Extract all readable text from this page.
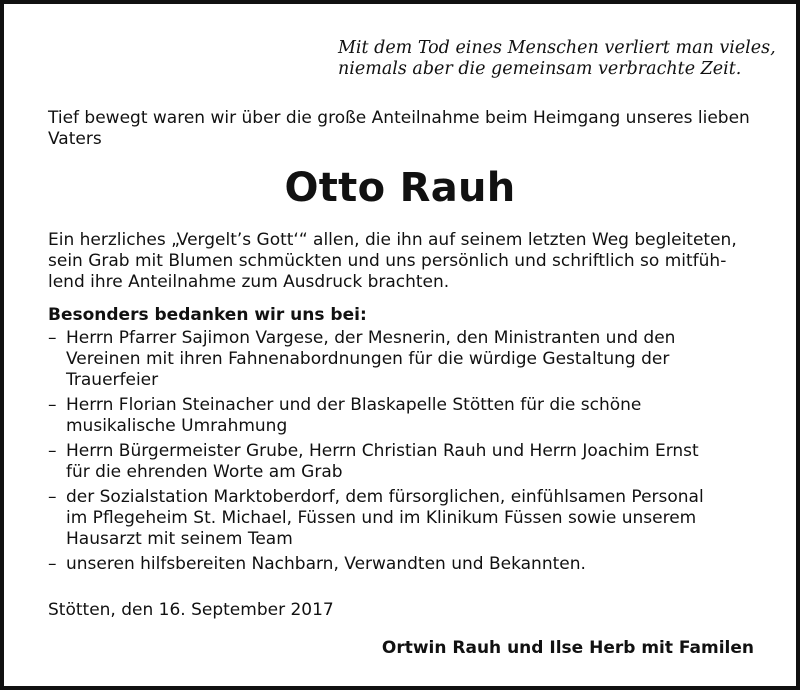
Mit dem Tod eines Menschen verliert man vieles,
niemals aber die gemeinsam verbrachte Zeit.
Tief bewegt waren wir über die große Anteilnahme beim Heimgang unseres lieben
Vaters
Otto Rauh
Ein herzliches „Vergelt’s Gott‘“ allen, die ihn auf seinem letzten Weg begleiteten,
sein Grab mit Blumen schmückten und uns persönlich und schriftlich so mitfüh-
lend ihre Anteilnahme zum Ausdruck brachten.
Besonders bedanken wir uns bei:
– Herrn Pfarrer Sajimon Vargese, der Mesnerin, den Ministranten und den
Vereinen mit ihren Fahnenabordnungen für die würdige Gestaltung der
Trauerfeier
– Herrn Florian Steinacher und der Blaskapelle Stötten für die schöne
musikalische Umrahmung
– Herrn Bürgermeister Grube, Herrn Christian Rauh und Herrn Joachim Ernst
für die ehrenden Worte am Grab
– der Sozialstation Marktoberdorf, dem fürsorglichen, einfühlsamen Personal
im Pflegeheim St. Michael, Füssen und im Klinikum Füssen sowie unserem
Hausarzt mit seinem Team
– unseren hilfsbereiten Nachbarn, Verwandten und Bekannten.
Stötten, den 16. September 2017
Ortwin Rauh und Ilse Herb mit Familen
